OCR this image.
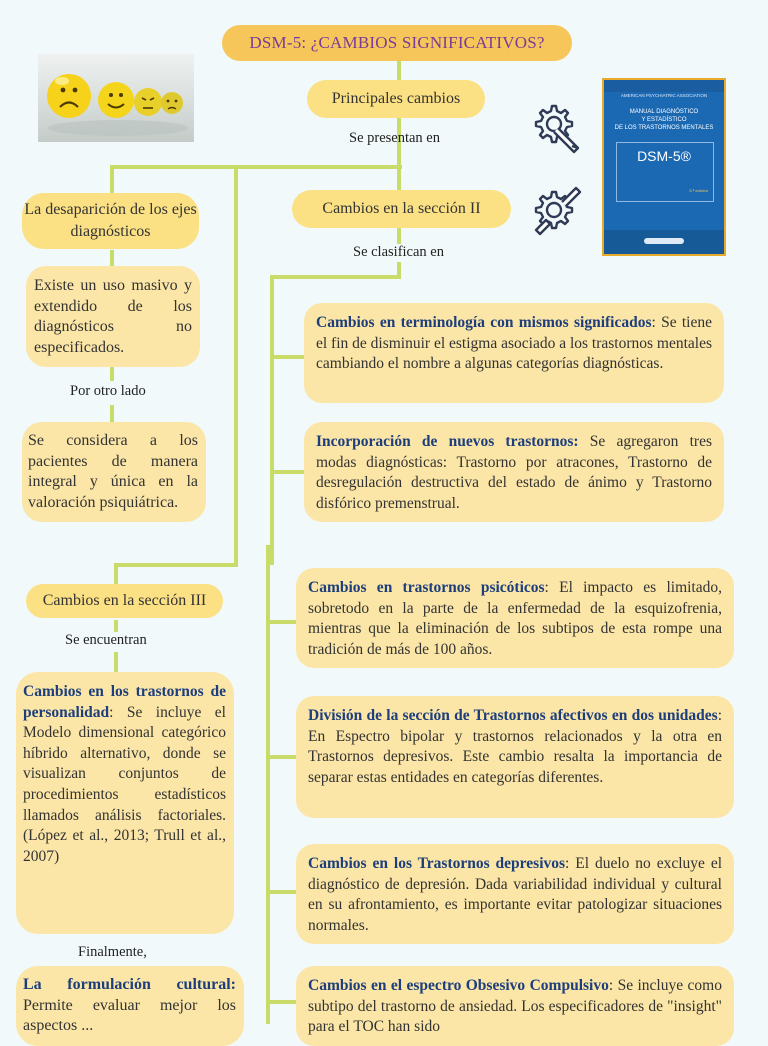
DSM-5: ¿CAMBIOS SIGNIFICATIVOS?
Principales cambios
Se presentan en
AMERICAN PSYCHIATRIC ASSOCIATION
MANUAL DIAGNÓSTICO
Y ESTADÍSTICO
DE LOS TRASTORNOS MENTALES
DSM-5®
5.ª edición
La desaparición de los ejes diagnósticos
Existe un uso masivo y extendido de los diagnósticos no especificados.
Por otro lado
Se considera a los pacientes de manera integral y única en la valoración psiquiátrica.
Cambios en la sección III
Se encuentran
Cambios en los trastornos de personalidad: Se incluye el Modelo dimensional categórico híbrido alternativo, donde se visualizan conjuntos de procedimientos estadísticos llamados análisis factoriales. (López et al., 2013; Trull et al., 2007)
Finalmente,
La formulación cultural: Permite evaluar mejor los aspectos ...
Cambios en la sección II
Se clasifican en
Cambios en terminología con mismos significados: Se tiene el fin de disminuir el estigma asociado a los trastornos mentales cambiando el nombre a algunas categorías diagnósticas.
Incorporación de nuevos trastornos: Se agregaron tres modas diagnósticas: Trastorno por atracones, Trastorno de desregulación destructiva del estado de ánimo y Trastorno disfórico premenstrual.
Cambios en trastornos psicóticos: El impacto es limitado, sobretodo en la parte de la enfermedad de la esquizofrenia, mientras que la eliminación de los subtipos de esta rompe una tradición de más de 100 años.
División de la sección de Trastornos afectivos en dos unidades: En Espectro bipolar y trastornos relacionados y la otra en Trastornos depresivos. Este cambio resalta la importancia de separar estas entidades en categorías diferentes.
Cambios en los Trastornos depresivos: El duelo no excluye el diagnóstico de depresión. Dada variabilidad individual y cultural en su afrontamiento, es importante evitar patologizar situaciones normales.
Cambios en el espectro Obsesivo Compulsivo: Se incluye como subtipo del trastorno de ansiedad. Los especificadores de "insight" para el TOC han sido
